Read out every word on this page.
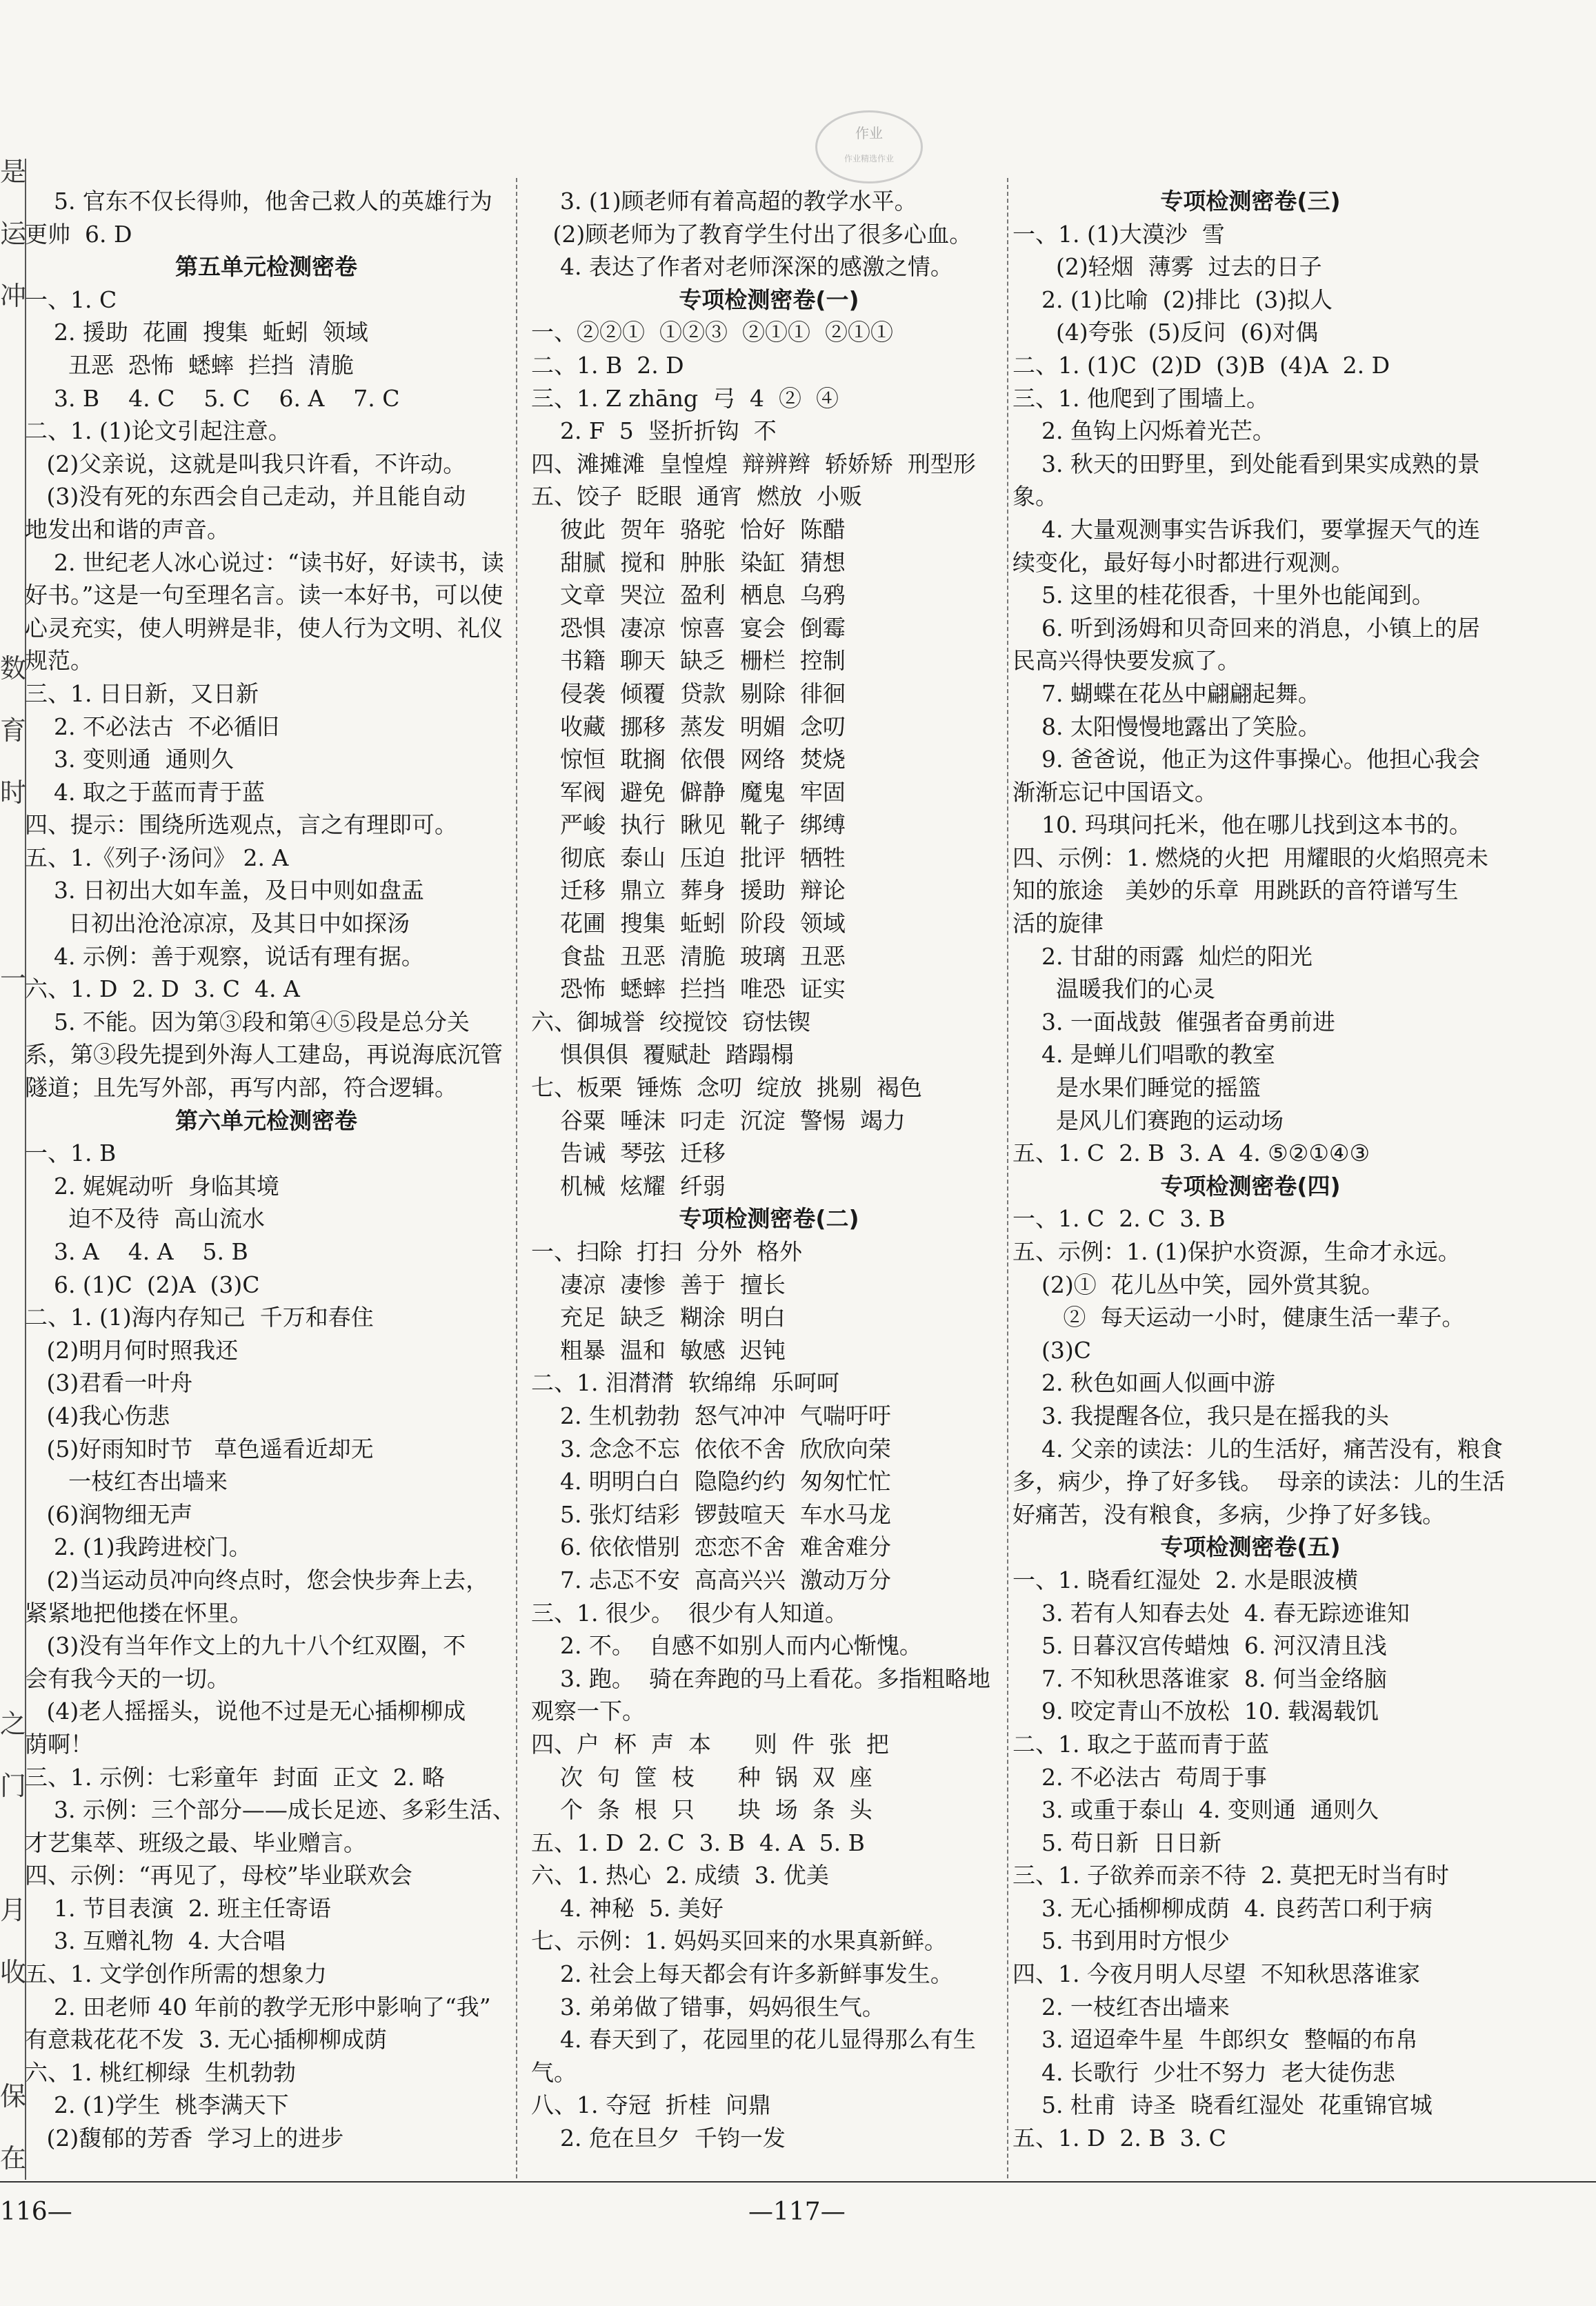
是
运
冲
数
育
时
一
之
门
月
收
保
在
作业
作业精选作业
5. 官东不仅长得帅，他舍己救人的英雄行为
更帅  6. D
第五单元检测密卷
一、1. C
2. 援助  花圃  搜集  蚯蚓  领域
丑恶  恐怖  蟋蟀  拦挡  清脆
3. B    4. C    5. C    6. A    7. C
二、1. (1)论文引起注意。
(2)父亲说，这就是叫我只许看，不许动。
(3)没有死的东西会自己走动，并且能自动
地发出和谐的声音。
2. 世纪老人冰心说过：“读书好，好读书，读
好书。”这是一句至理名言。读一本好书，可以使
心灵充实，使人明辨是非，使人行为文明、礼仪
规范。
三、1. 日日新，又日新
2. 不必法古  不必循旧
3. 变则通  通则久
4. 取之于蓝而青于蓝
四、提示：围绕所选观点，言之有理即可。
五、1.《列子·汤问》 2. A
3. 日初出大如车盖，及日中则如盘盂
日初出沧沧凉凉，及其日中如探汤
4. 示例：善于观察，说话有理有据。
六、1. D  2. D  3. C  4. A
5. 不能。因为第③段和第④⑤段是总分关
系，第③段先提到外海人工建岛，再说海底沉管
隧道；且先写外部，再写内部，符合逻辑。
第六单元检测密卷
一、1. B
2. 娓娓动听  身临其境
迫不及待  高山流水
3. A    4. A    5. B
6. (1)C  (2)A  (3)C
二、1. (1)海内存知己  千万和春住
(2)明月何时照我还
(3)君看一叶舟
(4)我心伤悲
(5)好雨知时节   草色遥看近却无
一枝红杏出墙来
(6)润物细无声
2. (1)我跨进校门。
(2)当运动员冲向终点时，您会快步奔上去，
紧紧地把他搂在怀里。
(3)没有当年作文上的九十八个红双圈，不
会有我今天的一切。
(4)老人摇摇头，说他不过是无心插柳柳成
荫啊！
三、1. 示例：七彩童年  封面  正文  2. 略
3. 示例：三个部分——成长足迹、多彩生活、
才艺集萃、班级之最、毕业赠言。
四、示例：“再见了，母校”毕业联欢会
1. 节目表演  2. 班主任寄语
3. 互赠礼物  4. 大合唱
五、1. 文学创作所需的想象力
2. 田老师 40 年前的教学无形中影响了“我”
有意栽花花不发  3. 无心插柳柳成荫
六、1. 桃红柳绿  生机勃勃
2. (1)学生  桃李满天下
(2)馥郁的芳香  学习上的进步
3. (1)顾老师有着高超的教学水平。
(2)顾老师为了教育学生付出了很多心血。
4. 表达了作者对老师深深的感激之情。
专项检测密卷(一)
一、②②①  ①②③  ②①①  ②①①
二、1. B  2. D
三、1. Z zhāng  弓  4  ②  ④
2. F  5  竖折折钩  不
四、滩摊滩  皇惶煌  辩辨辫  轿娇矫  刑型形
五、饺子  眨眼  通宵  燃放  小贩
彼此  贺年  骆驼  恰好  陈醋
甜腻  搅和  肿胀  染缸  猜想
文章  哭泣  盈利  栖息  乌鸦
恐惧  凄凉  惊喜  宴会  倒霉
书籍  聊天  缺乏  栅栏  控制
侵袭  倾覆  贷款  剔除  徘徊
收藏  挪移  蒸发  明媚  念叨
惊恒  耽搁  依偎  网络  焚烧
军阀  避免  僻静  魔鬼  牢固
严峻  执行  瞅见  靴子  绑缚
彻底  泰山  压迫  批评  牺牲
迁移  鼎立  葬身  援助  辩论
花圃  搜集  蚯蚓  阶段  领域
食盐  丑恶  清脆  玻璃  丑恶
恐怖  蟋蟀  拦挡  唯恐  证实
六、御城誉  绞搅饺  窃怯锲
惧俱俱  覆赋赴  踏蹋榻
七、板栗  锤炼  念叨  绽放  挑剔  褐色
谷粟  唾沫  叼走  沉淀  警惕  竭力
告诫  琴弦  迁移
机械  炫耀  纤弱
专项检测密卷(二)
一、扫除  打扫  分外  格外
凄凉  凄惨  善于  擅长
充足  缺乏  糊涂  明白
粗暴  温和  敏感  迟钝
二、1. 泪潸潸  软绵绵  乐呵呵
2. 生机勃勃  怒气冲冲  气喘吁吁
3. 念念不忘  依依不舍  欣欣向荣
4. 明明白白  隐隐约约  匆匆忙忙
5. 张灯结彩  锣鼓喧天  车水马龙
6. 依依惜别  恋恋不舍  难舍难分
7. 忐忑不安  高高兴兴  激动万分
三、1. 很少。  很少有人知道。
2. 不。  自感不如别人而内心惭愧。
3. 跑。  骑在奔跑的马上看花。多指粗略地
观察一下。
四、户  杯  声  本      则  件  张  把
次  句  筐  枝      种  锅  双  座
个  条  根  只      块  场  条  头
五、1. D  2. C  3. B  4. A  5. B
六、1. 热心  2. 成绩  3. 优美
4. 神秘  5. 美好
七、示例：1. 妈妈买回来的水果真新鲜。
2. 社会上每天都会有许多新鲜事发生。
3. 弟弟做了错事，妈妈很生气。
4. 春天到了，花园里的花儿显得那么有生
气。
八、1. 夺冠  折桂  问鼎
2. 危在旦夕  千钧一发
专项检测密卷(三)
一、1. (1)大漠沙  雪
(2)轻烟  薄雾  过去的日子
2. (1)比喻  (2)排比  (3)拟人
(4)夸张  (5)反问  (6)对偶
二、1. (1)C  (2)D  (3)B  (4)A  2. D
三、1. 他爬到了围墙上。
2. 鱼钩上闪烁着光芒。
3. 秋天的田野里，到处能看到果实成熟的景
象。
4. 大量观测事实告诉我们，要掌握天气的连
续变化，最好每小时都进行观测。
5. 这里的桂花很香，十里外也能闻到。
6. 听到汤姆和贝奇回来的消息，小镇上的居
民高兴得快要发疯了。
7. 蝴蝶在花丛中翩翩起舞。
8. 太阳慢慢地露出了笑脸。
9. 爸爸说，他正为这件事操心。他担心我会
渐渐忘记中国语文。
10. 玛琪问托米，他在哪儿找到这本书的。
四、示例：1. 燃烧的火把  用耀眼的火焰照亮未
知的旅途   美妙的乐章  用跳跃的音符谱写生
活的旋律
2. 甘甜的雨露  灿烂的阳光
温暖我们的心灵
3. 一面战鼓  催强者奋勇前进
4. 是蝉儿们唱歌的教室
是水果们睡觉的摇篮
是风儿们赛跑的运动场
五、1. C  2. B  3. A  4. ⑤②①④③
专项检测密卷(四)
一、1. C  2. C  3. B
五、示例：1. (1)保护水资源，生命才永远。
(2)①  花儿丛中笑，园外赏其貌。
②  每天运动一小时，健康生活一辈子。
(3)C
2. 秋色如画人似画中游
3. 我提醒各位，我只是在摇我的头
4. 父亲的读法：儿的生活好，痛苦没有，粮食
多，病少，挣了好多钱。  母亲的读法：儿的生活
好痛苦，没有粮食，多病，少挣了好多钱。
专项检测密卷(五)
一、1. 晓看红湿处  2. 水是眼波横
3. 若有人知春去处  4. 春无踪迹谁知
5. 日暮汉宫传蜡烛  6. 河汉清且浅
7. 不知秋思落谁家  8. 何当金络脑
9. 咬定青山不放松  10. 载渴载饥
二、1. 取之于蓝而青于蓝
2. 不必法古  苟周于事
3. 或重于泰山  4. 变则通  通则久
5. 苟日新  日日新
三、1. 子欲养而亲不待  2. 莫把无时当有时
3. 无心插柳柳成荫  4. 良药苦口利于病
5. 书到用时方恨少
四、1. 今夜月明人尽望  不知秋思落谁家
2. 一枝红杏出墙来
3. 迢迢牵牛星  牛郎织女  整幅的布帛
4. 长歌行  少壮不努力  老大徒伤悲
5. 杜甫  诗圣  晓看红湿处  花重锦官城
五、1. D  2. B  3. C
116—	—117—
